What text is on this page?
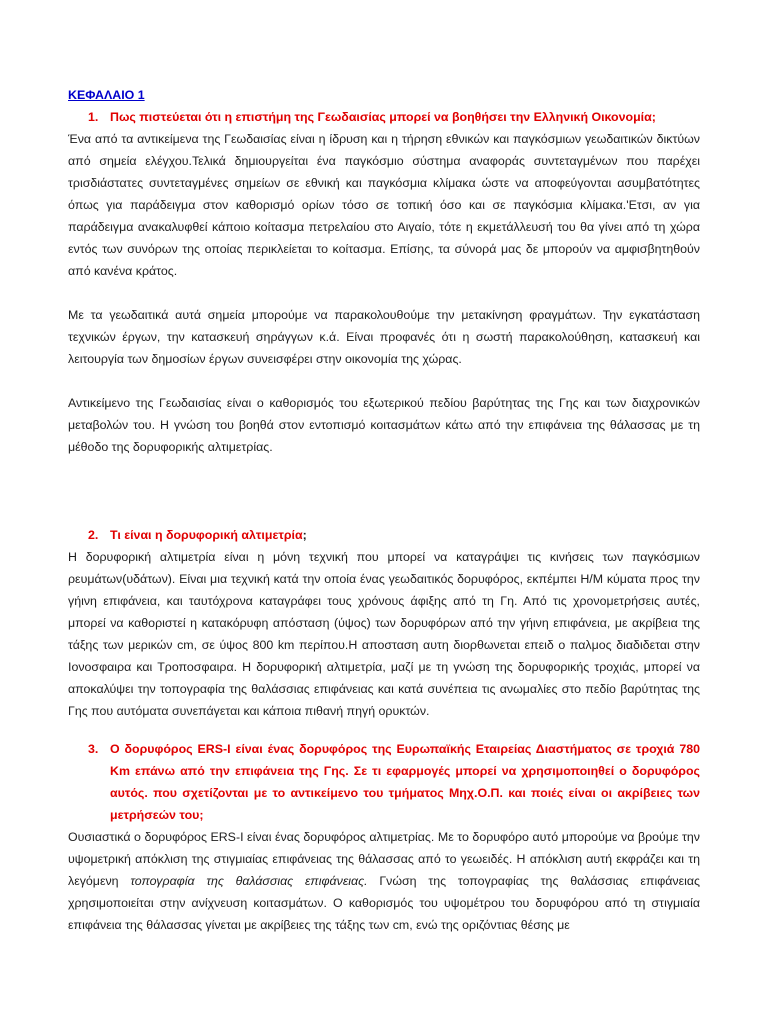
ΚΕΦΑΛΑΙΟ 1

1. Πως πιστεύεται ότι η επιστήμη της Γεωδαισίας μπορεί να βοηθήσει την Ελληνική Οικονομία;

Ένα από τα αντικείμενα της Γεωδαισίας είναι η ίδρυση και η τήρηση εθνικών και παγκόσμιων γεωδαιτικών δικτύων από σημεία ελέγχου.Τελικά δημιουργείται ένα παγκόσμιο σύστημα αναφοράς συντεταγμένων που παρέχει τρισδιάστατες συντεταγμένες σημείων σε εθνική και παγκόσμια κλίμακα ώστε να αποφεύγονται ασυμβατότητες όπως για παράδειγμα στον καθορισμό ορίων τόσο σε τοπική όσο και σε παγκόσμια κλίμακα.'Ετσι, αν για παράδειγμα ανακαλυφθεί κάποιο κοίτασμα πετρελαίου στο Αιγαίο, τότε η εκμετάλλευσή του θα γίνει από τη χώρα εντός των συνόρων της οποίας περικλείεται το κοίτασμα. Επίσης, τα σύνορά μας δε μπορούν να αμφισβητηθούν από κανένα κράτος.

Με τα γεωδαιτικά αυτά σημεία μπορούμε να παρακολουθούμε την μετακίνηση φραγμάτων. Την εγκατάσταση τεχνικών έργων, την κατασκευή σηράγγων κ.ά. Είναι προφανές ότι η σωστή παρακολούθηση, κατασκευή και λειτουργία των δημοσίων έργων συνεισφέρει στην οικονομία της χώρας.

Αντικείμενο της Γεωδαισίας είναι ο καθορισμός του εξωτερικού πεδίου βαρύτητας της Γης και των διαχρονικών μεταβολών του. Η γνώση του βοηθά στον εντοπισμό κοιτασμάτων κάτω από την επιφάνεια της θάλασσας με τη μέθοδο της δορυφορικής αλτιμετρίας.

2. Τι είναι η δορυφορική αλτιμετρία;

Η δορυφορική αλτιμετρία είναι η μόνη τεχνική που μπορεί να καταγράψει τις κινήσεις των παγκόσμιων ρευμάτων(υδάτων). Είναι μια τεχνική κατά την οποία ένας γεωδαιτικός δορυφόρος, εκπέμπει Η/Μ κύματα προς την γήινη επιφάνεια, και ταυτόχρονα καταγράφει τους χρόνους άφιξης από τη Γη. Από τις χρονομετρήσεις αυτές, μπορεί να καθοριστεί η κατακόρυφη απόσταση (ύψος) των δορυφόρων από την γήινη επιφάνεια, με ακρίβεια της τάξης των μερικών cm, σε ύψος 800 km περίπου.Η αποσταση αυτη διορθωνεται επειδ ο παλμος διαδιδεται στην Ιονοσφαιρα και Τροποσφαιρα. Η δορυφορική αλτιμετρία, μαζί με τη γνώση της δορυφορικής τροχιάς, μπορεί να αποκαλύψει την τοπογραφία της θαλάσσιας επιφάνειας και κατά συνέπεια τις ανωμαλίες στο πεδίο βαρύτητας της Γης που αυτόματα συνεπάγεται και κάποια πιθανή πηγή ορυκτών.

3. Ο δορυφόρος ERS-I είναι ένας δορυφόρος της Ευρωπαϊκής Εταιρείας Διαστήματος σε τροχιά 780 Km επάνω από την επιφάνεια της Γης. Σε τι εφαρμογές μπορεί να χρησιμοποιηθεί ο δορυφόρος αυτός. που σχετίζονται με το αντικείμενο του τμήματος Μηχ.Ο.Π. και ποιές είναι οι ακρίβειες των μετρήσεών του;

Ουσιαστικά ο δορυφόρος ERS-I είναι ένας δορυφόρος αλτιμετρίας. Με το δορυφόρο αυτό μπορούμε να βρούμε την υψομετρική απόκλιση της στιγμιαίας επιφάνειας της θάλασσας από το γεωειδές. Η απόκλιση αυτή εκφράζει και τη λεγόμενη τοπογραφία της θαλάσσιας επιφάνειας. Γνώση της τοπογραφίας της θαλάσσιας επιφάνειας χρησιμοποιείται στην ανίχνευση κοιτασμάτων. Ο καθορισμός του υψομέτρου του δορυφόρου από τη στιγμιαία επιφάνεια της θάλασσας γίνεται με ακρίβειες της τάξης των cm, ενώ της οριζόντιας θέσης με
